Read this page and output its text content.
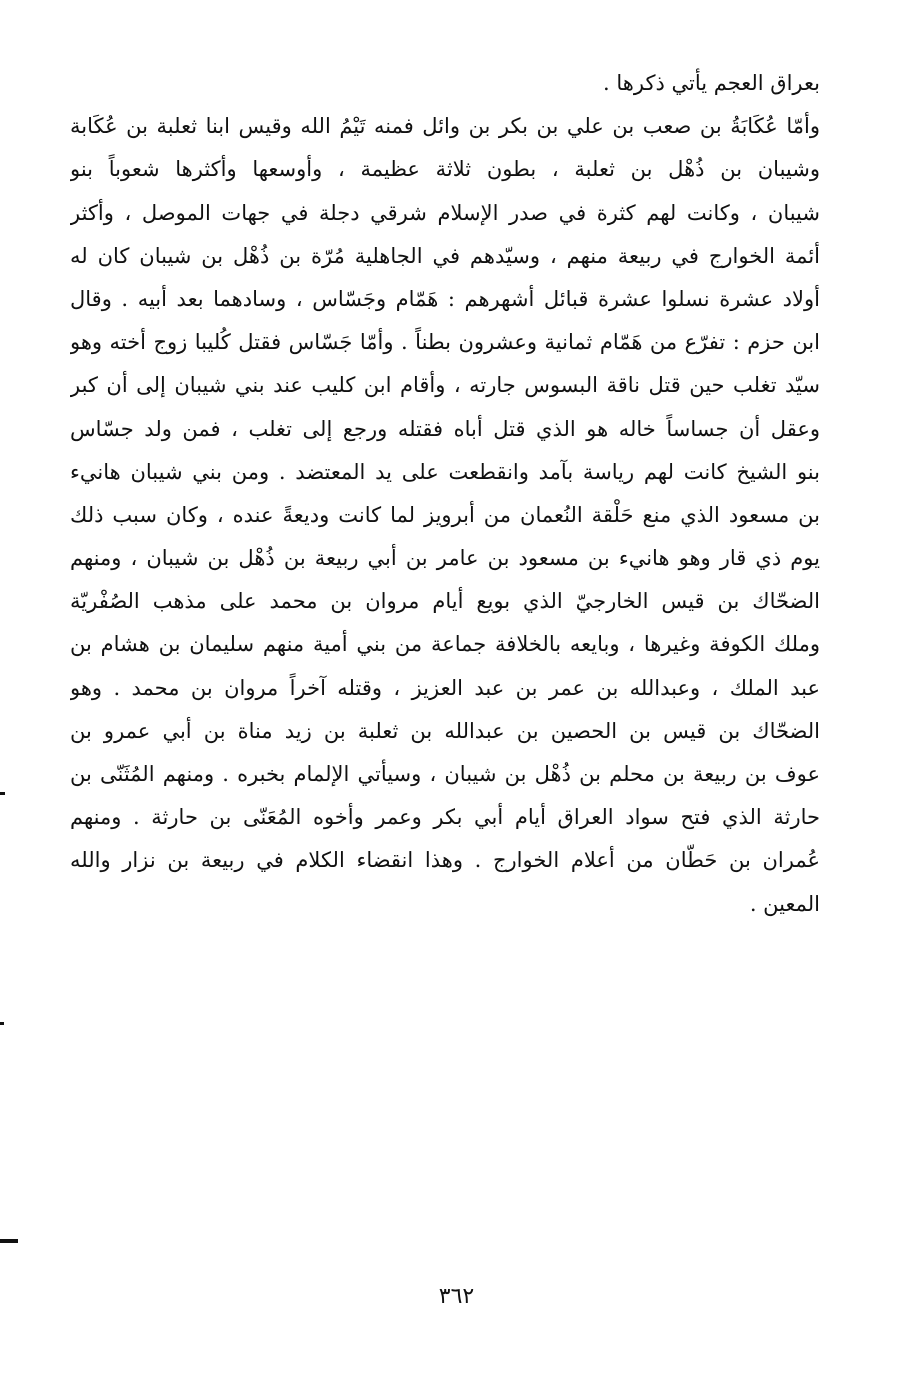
بعراق العجم يأتي ذكرها .
وأمّا عُكَابَةُ بن صعب بن علي بن بكر بن وائل فمنه تَيْمُ الله وقيس ابنا ثعلبة بن عُكَابة
وشيبان بن ذُهْل بن ثعلبة ، بطون ثلاثة عظيمة ، وأوسعها وأكثرها شعوباً بنو
شيبان ، وكانت لهم كثرة في صدر الإسلام شرقي دجلة في جهات الموصل ، وأكثر
أئمة الخوارج في ربيعة منهم ، وسيّدهم في الجاهلية مُرّة بن ذُهْل بن شيبان كان له
أولاد عشرة نسلوا عشرة قبائل أشهرهم : هَمّام وجَسّاس ، وسادهما بعد أبيه . وقال
ابن حزم : تفرّع من هَمّام ثمانية وعشرون بطناً . وأمّا جَسّاس فقتل كُليبا زوج أخته وهو
سيّد تغلب حين قتل ناقة البسوس جارته ، وأقام ابن كليب عند بني شيبان إلى أن كبر
وعقل أن جساساً خاله هو الذي قتل أباه فقتله ورجع إلى تغلب ، فمن ولد جسّاس
بنو الشيخ كانت لهم رياسة بآمد وانقطعت على يد المعتضد . ومن بني شيبان هانيء
بن مسعود الذي منع حَلْقة النُعمان من أبرويز لما كانت وديعةً عنده ، وكان سبب ذلك
يوم ذي قار وهو هانيء بن مسعود بن عامر بن أبي ربيعة بن ذُهْل بن شيبان ، ومنهم
الضحّاك بن قيس الخارجيّ الذي بويع أيام مروان بن محمد على مذهب الصُفْريّة
وملك الكوفة وغيرها ، وبايعه بالخلافة جماعة من بني أمية منهم سليمان بن هشام بن
عبد الملك ، وعبدالله بن عمر بن عبد العزيز ، وقتله آخراً مروان بن محمد . وهو
الضحّاك بن قيس بن الحصين بن عبدالله بن ثعلبة بن زيد مناة بن أبي عمرو بن
عوف بن ربيعة بن محلم بن ذُهْل بن شيبان ، وسيأتي الإلمام بخبره . ومنهم المُثَنّى بن
حارثة الذي فتح سواد العراق أيام أبي بكر وعمر وأخوه المُعَنّى بن حارثة . ومنهم
عُمران بن حَطّان من أعلام الخوارج . وهذا انقضاء الكلام في ربيعة بن نزار والله
المعين .
٣٦٢
